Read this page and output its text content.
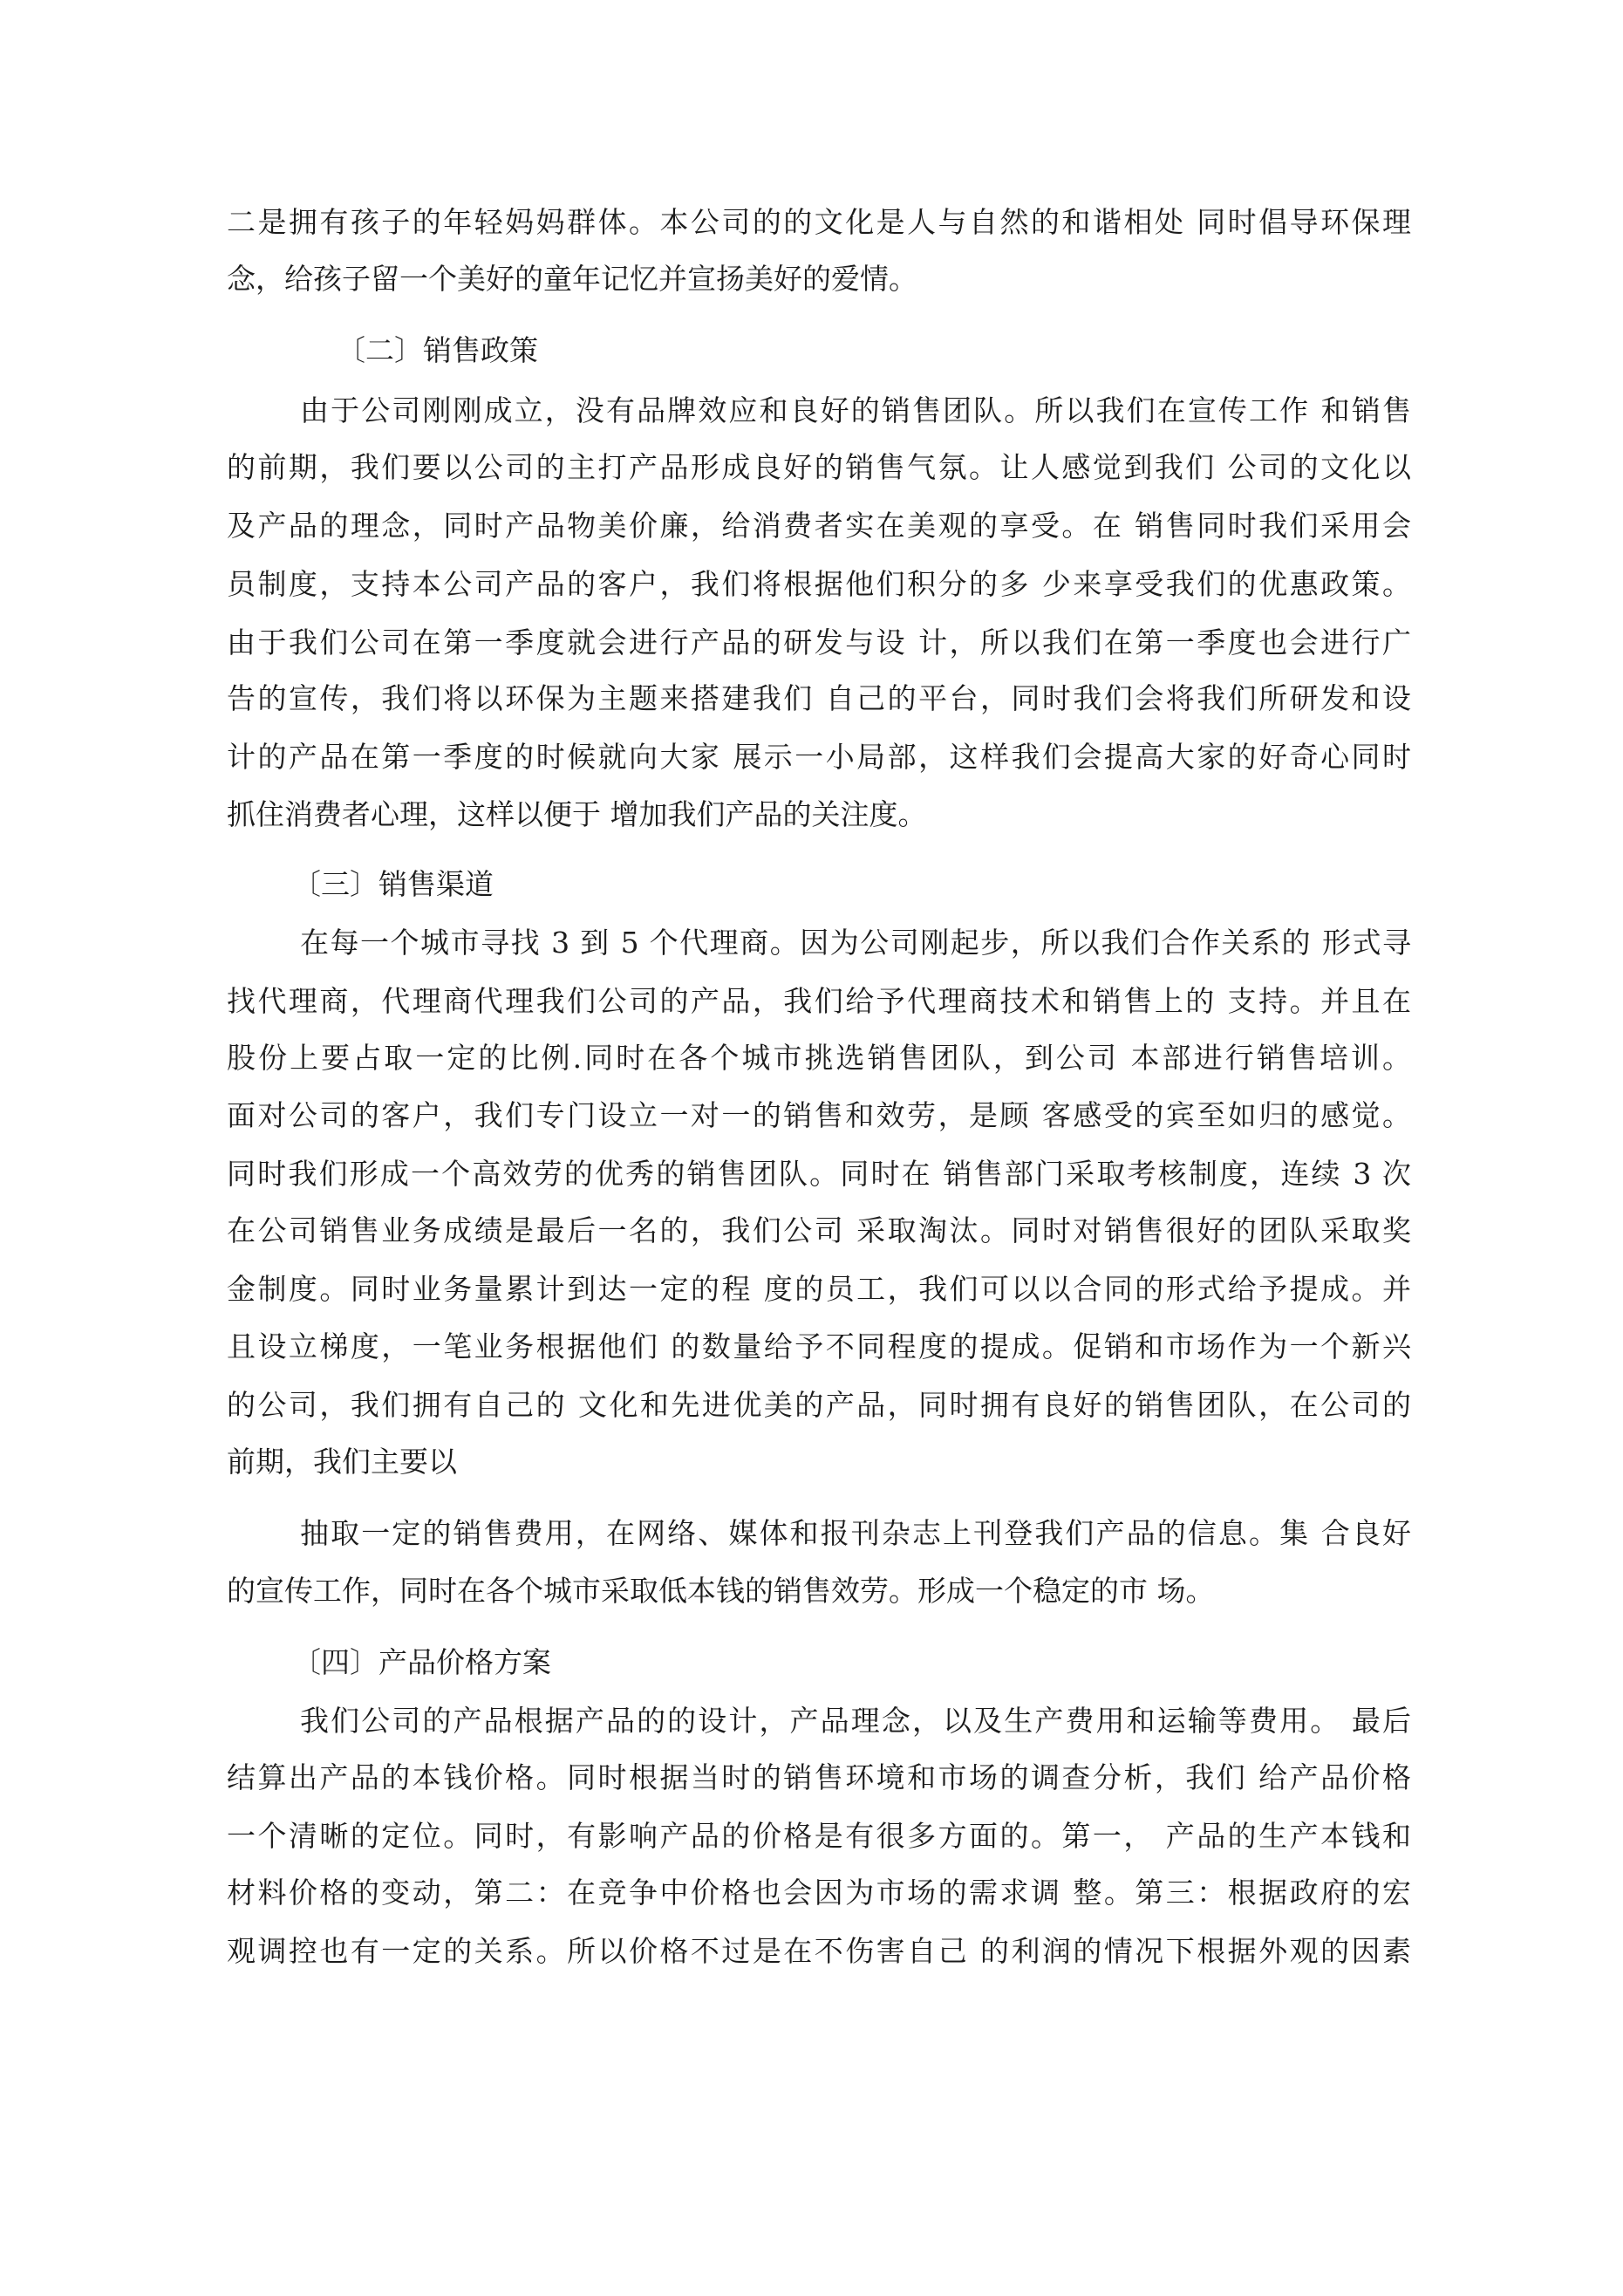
二是拥有孩子的年轻妈妈群体。本公司的的文化是人与自然的和谐相处 同时倡导环保理
念，给孩子留一个美好的童年记忆并宣扬美好的爱情。
〔二〕销售政策
由于公司刚刚成立，没有品牌效应和良好的销售团队。所以我们在宣传工作 和销售
的前期，我们要以公司的主打产品形成良好的销售气氛。让人感觉到我们 公司的文化以
及产品的理念，同时产品物美价廉，给消费者实在美观的享受。在 销售同时我们采用会
员制度，支持本公司产品的客户，我们将根据他们积分的多 少来享受我们的优惠政策。
由于我们公司在第一季度就会进行产品的研发与设 计，所以我们在第一季度也会进行广
告的宣传，我们将以环保为主题来搭建我们 自己的平台，同时我们会将我们所研发和设
计的产品在第一季度的时候就向大家 展示一小局部，这样我们会提高大家的好奇心同时
抓住消费者心理，这样以便于 增加我们产品的关注度。
〔三〕销售渠道
在每一个城市寻找 3 到 5 个代理商。因为公司刚起步，所以我们合作关系的 形式寻
找代理商，代理商代理我们公司的产品，我们给予代理商技术和销售上的 支持。并且在
股份上要占取一定的比例.同时在各个城市挑选销售团队，到公司 本部进行销售培训。
面对公司的客户，我们专门设立一对一的销售和效劳，是顾 客感受的宾至如归的感觉。
同时我们形成一个高效劳的优秀的销售团队。同时在 销售部门采取考核制度，连续 3 次
在公司销售业务成绩是最后一名的，我们公司 采取淘汰。同时对销售很好的团队采取奖
金制度。同时业务量累计到达一定的程 度的员工，我们可以以合同的形式给予提成。并
且设立梯度，一笔业务根据他们 的数量给予不同程度的提成。促销和市场作为一个新兴
的公司，我们拥有自己的 文化和先进优美的产品，同时拥有良好的销售团队，在公司的
前期，我们主要以
抽取一定的销售费用，在网络、媒体和报刊杂志上刊登我们产品的信息。集 合良好
的宣传工作，同时在各个城市采取低本钱的销售效劳。形成一个稳定的市 场。
〔四〕产品价格方案
我们公司的产品根据产品的的设计，产品理念，以及生产费用和运输等费用。 最后
结算出产品的本钱价格。同时根据当时的销售环境和市场的调查分析，我们 给产品价格
一个清晰的定位。同时，有影响产品的价格是有很多方面的。第一， 产品的生产本钱和
材料价格的变动，第二：在竞争中价格也会因为市场的需求调 整。第三：根据政府的宏
观调控也有一定的关系。所以价格不过是在不伤害自己 的利润的情况下根据外观的因素
